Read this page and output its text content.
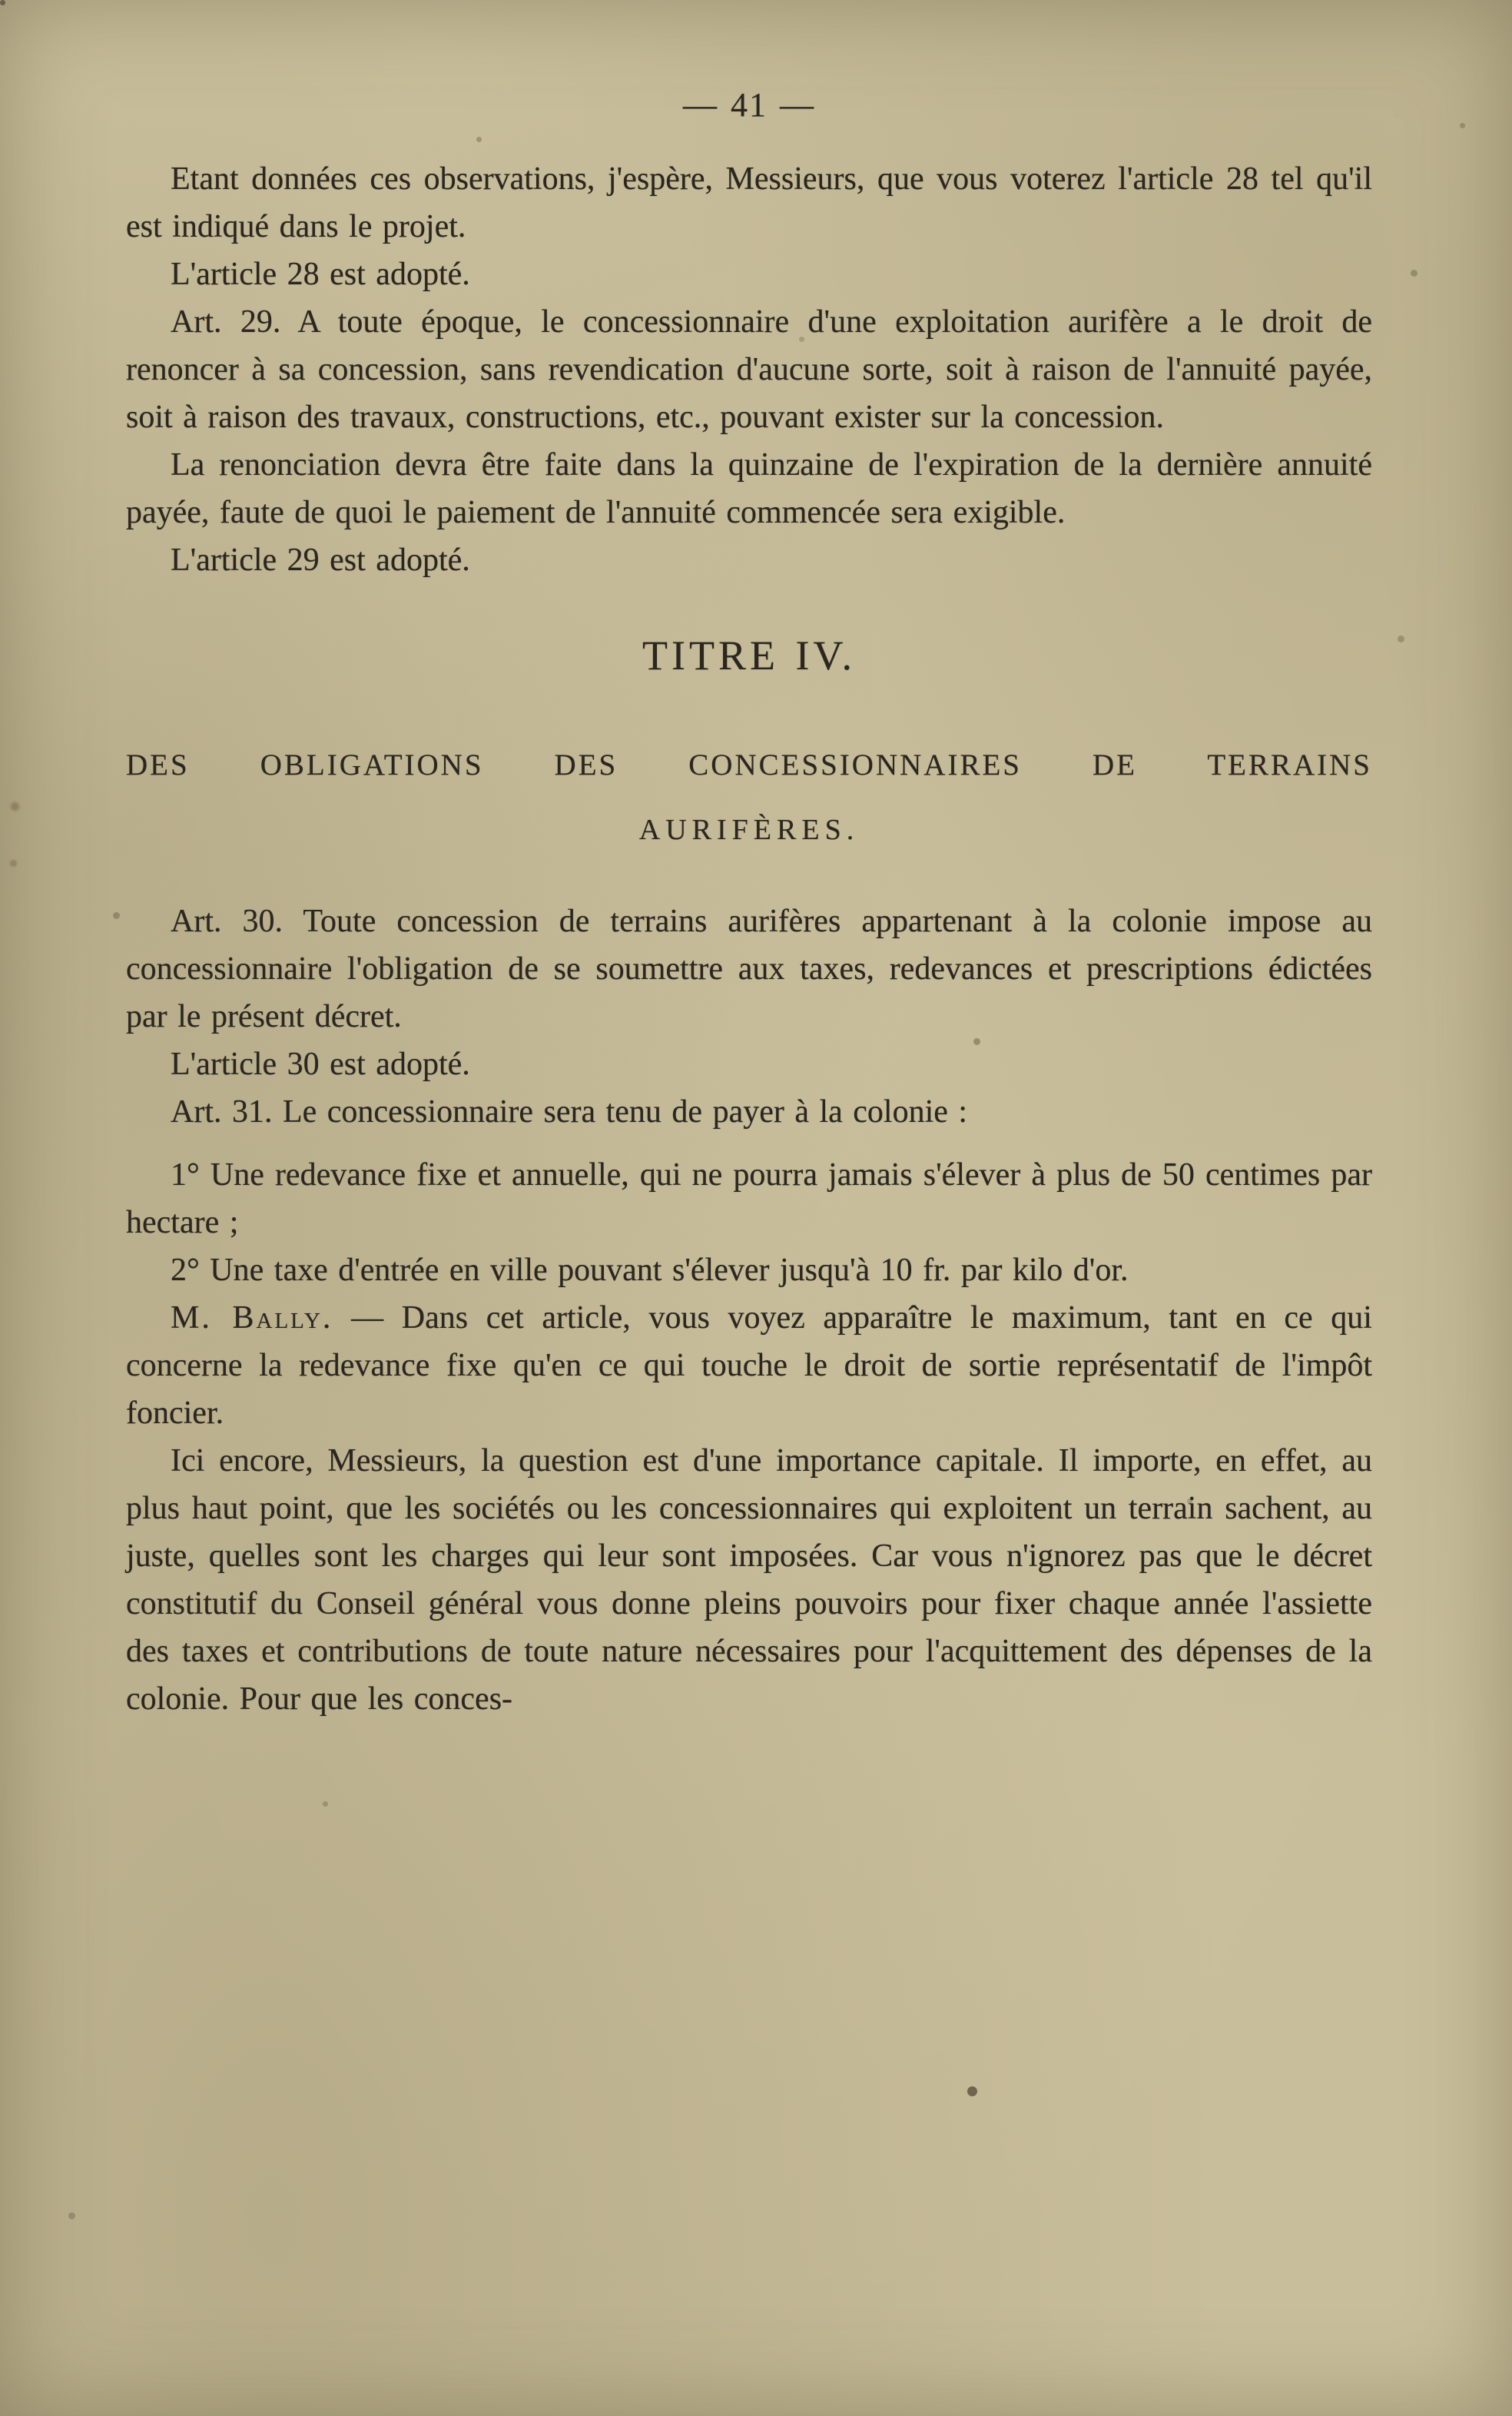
— 41 —

Etant données ces observations, j'espère, Messieurs, que vous voterez l'article 28 tel qu'il est indiqué dans le projet.

L'article 28 est adopté.

Art. 29. A toute époque, le concessionnaire d'une exploitation aurifère a le droit de renoncer à sa concession, sans revendication d'aucune sorte, soit à raison de l'annuité payée, soit à raison des travaux, constructions, etc., pouvant exister sur la concession.

La renonciation devra être faite dans la quinzaine de l'expiration de la dernière annuité payée, faute de quoi le paiement de l'annuité commencée sera exigible.

L'article 29 est adopté.

TITRE IV.

DES OBLIGATIONS DES CONCESSIONNAIRES DE TERRAINS

AURIFÈRES.

Art. 30. Toute concession de terrains aurifères appartenant à la colonie impose au concessionnaire l'obligation de se soumettre aux taxes, redevances et prescriptions édictées par le présent décret.

L'article 30 est adopté.

Art. 31. Le concessionnaire sera tenu de payer à la colonie :

1° Une redevance fixe et annuelle, qui ne pourra jamais s'élever à plus de 50 centimes par hectare ;

2° Une taxe d'entrée en ville pouvant s'élever jusqu'à 10 fr. par kilo d'or.

M. Bally. — Dans cet article, vous voyez apparaître le maximum, tant en ce qui concerne la redevance fixe qu'en ce qui touche le droit de sortie représentatif de l'impôt foncier.

Ici encore, Messieurs, la question est d'une importance capitale. Il importe, en effet, au plus haut point, que les sociétés ou les concessionnaires qui exploitent un terrain sachent, au juste, quelles sont les charges qui leur sont imposées. Car vous n'ignorez pas que le décret constitutif du Conseil général vous donne pleins pouvoirs pour fixer chaque année l'assiette des taxes et contributions de toute nature nécessaires pour l'acquittement des dépenses de la colonie. Pour que les conces-
